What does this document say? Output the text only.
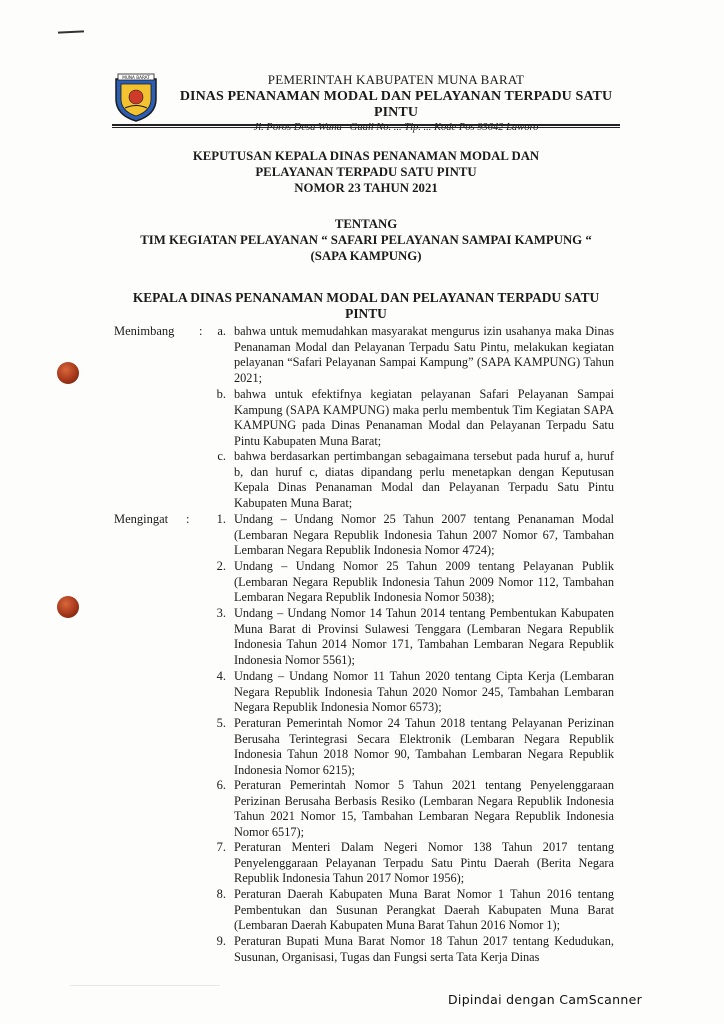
MUNA BARAT	PEMERINTAH KABUPATEN MUNA BARAT
DINAS PENANAMAN MODAL DAN PELAYANAN TERPADU SATU PINTU
KEPUTUSAN KEPALA DINAS PENANAMAN MODAL DAN
PELAYANAN TERPADU SATU PINTU
NOMOR 23 TAHUN 2021
TENTANG
TIM KEGIATAN PELAYANAN “ SAFARI PELAYANAN SAMPAI KAMPUNG “
(SAPA KAMPUNG)
KEPALA DINAS PENANAMAN MODAL DAN PELAYANAN TERPADU SATU PINTU
Menimbang :	a. bahwa untuk memudahkan masyarakat mengurus izin usahanya maka Dinas Penanaman Modal dan Pelayanan Terpadu Satu Pintu, melakukan kegiatan pelayanan “Safari Pelayanan Sampai Kampung” (SAPA KAMPUNG) Tahun 2021;
b. bahwa untuk efektifnya kegiatan pelayanan Safari Pelayanan Sampai Kampung (SAPA KAMPUNG) maka perlu membentuk Tim Kegiatan SAPA KAMPUNG pada Dinas Penanaman Modal dan Pelayanan Terpadu Satu Pintu Kabupaten Muna Barat;
c. bahwa berdasarkan pertimbangan sebagaimana tersebut pada huruf a, huruf b, dan huruf c, diatas dipandang perlu menetapkan dengan Keputusan Kepala Dinas Penanaman Modal dan Pelayanan Terpadu Satu Pintu Kabupaten Muna Barat;
Mengingat :	1. Undang – Undang Nomor 25 Tahun 2007 tentang Penanaman Modal (Lembaran Negara Republik Indonesia Tahun 2007 Nomor 67, Tambahan Lembaran Negara Republik Indonesia Nomor 4724);
2. Undang – Undang Nomor 25 Tahun 2009 tentang Pelayanan Publik (Lembaran Negara Republik Indonesia Tahun 2009 Nomor 112, Tambahan Lembaran Negara Republik Indonesia Nomor 5038);
3. Undang – Undang Nomor 14 Tahun 2014 tentang Pembentukan Kabupaten Muna Barat di Provinsi Sulawesi Tenggara (Lembaran Negara Republik Indonesia Tahun 2014 Nomor 171, Tambahan Lembaran Negara Republik Indonesia Nomor 5561);
4. Undang – Undang Nomor 11 Tahun 2020 tentang Cipta Kerja (Lembaran Negara Republik Indonesia Tahun 2020 Nomor 245, Tambahan Lembaran Negara Republik Indonesia Nomor 6573);
5. Peraturan Pemerintah Nomor 24 Tahun 2018 tentang Pelayanan Perizinan Berusaha Terintegrasi Secara Elektronik (Lembaran Negara Republik Indonesia Tahun 2018 Nomor 90, Tambahan Lembaran Negara Republik Indonesia Nomor 6215);
6. Peraturan Pemerintah Nomor 5 Tahun 2021 tentang Penyelenggaraan Perizinan Berusaha Berbasis Resiko (Lembaran Negara Republik Indonesia Tahun 2021 Nomor 15, Tambahan Lembaran Negara Republik Indonesia Nomor 6517);
7. Peraturan Menteri Dalam Negeri Nomor 138 Tahun 2017 tentang Penyelenggaraan Pelayanan Terpadu Satu Pintu Daerah (Berita Negara Republik Indonesia Tahun 2017 Nomor 1956);
8. Peraturan Daerah Kabupaten Muna Barat Nomor 1 Tahun 2016 tentang Pembentukan dan Susunan Perangkat Daerah Kabupaten Muna Barat (Lembaran Daerah Kabupaten Muna Barat Tahun 2016 Nomor 1);
9. Peraturan Bupati Muna Barat Nomor 18 Tahun 2017 tentang Kedudukan, Susunan, Organisasi, Tugas dan Fungsi serta Tata Kerja Dinas
Dipindai dengan CamScanner
